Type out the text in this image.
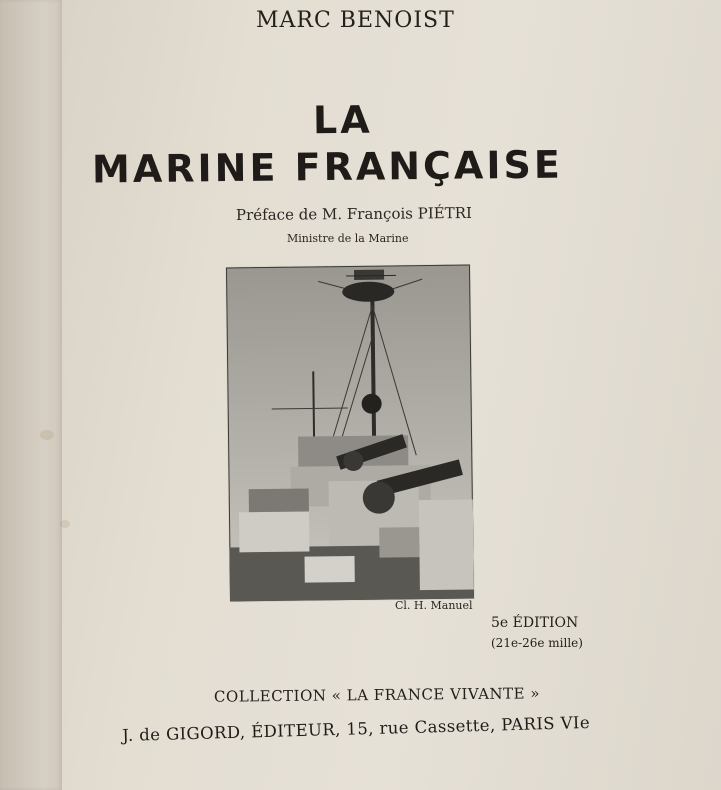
MARC BENOIST
LA
MARINE FRANÇAISE
Préface de M. François PIÉTRI
Ministre de la Marine
Cl. H. Manuel
5e ÉDITION
(21e-26e mille)
COLLECTION « LA FRANCE VIVANTE »
J. de GIGORD, ÉDITEUR, 15, rue Cassette, PARIS VIe
